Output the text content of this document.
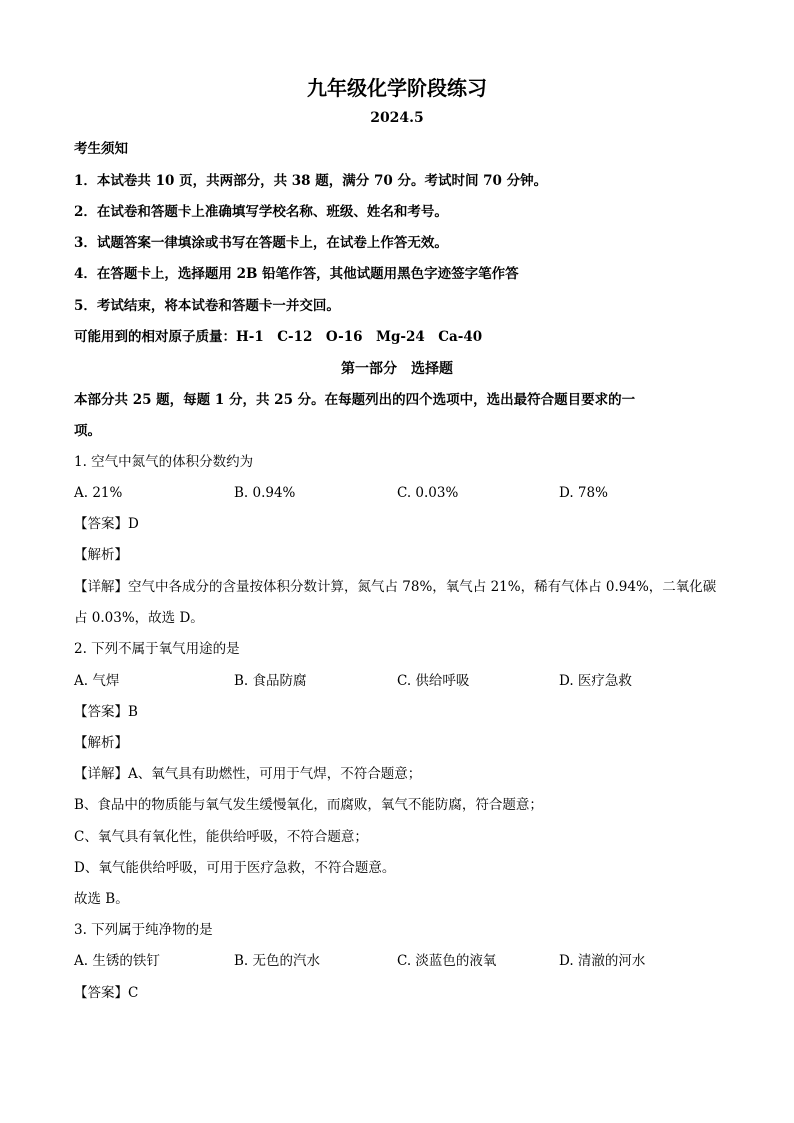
九年级化学阶段练习
2024.5
考生须知
1．本试卷共 10 页，共两部分，共 38 题，满分 70 分。考试时间 70 分钟。
2．在试卷和答题卡上准确填写学校名称、班级、姓名和考号。
3．试题答案一律填涂或书写在答题卡上，在试卷上作答无效。
4．在答题卡上，选择题用 2B 铅笔作答，其他试题用黑色字迹签字笔作答
5．考试结束，将本试卷和答题卡一并交回。
可能用到的相对原子质量：H-1　C-12　O-16　Mg-24　Ca-40
第一部分　选择题
本部分共 25 题，每题 1 分，共 25 分。在每题列出的四个选项中，选出最符合题目要求的一
项。
1. 空气中氮气的体积分数约为
A. 21%	B. 0.94%	C. 0.03%	D. 78%
【答案】D
【解析】
【详解】空气中各成分的含量按体积分数计算，氮气占 78%，氧气占 21%，稀有气体占 0.94%，二氧化碳
占 0.03%，故选 D。
2. 下列不属于氧气用途的是
A. 气焊	B. 食品防腐	C. 供给呼吸	D. 医疗急救
【答案】B
【解析】
【详解】A、氧气具有助燃性，可用于气焊，不符合题意；
B、食品中的物质能与氧气发生缓慢氧化，而腐败，氧气不能防腐，符合题意；
C、氧气具有氧化性，能供给呼吸，不符合题意；
D、氧气能供给呼吸，可用于医疗急救，不符合题意。
故选 B。
3. 下列属于纯净物的是
A. 生锈的铁钉	B. 无色的汽水	C. 淡蓝色的液氧	D. 清澈的河水
【答案】C
